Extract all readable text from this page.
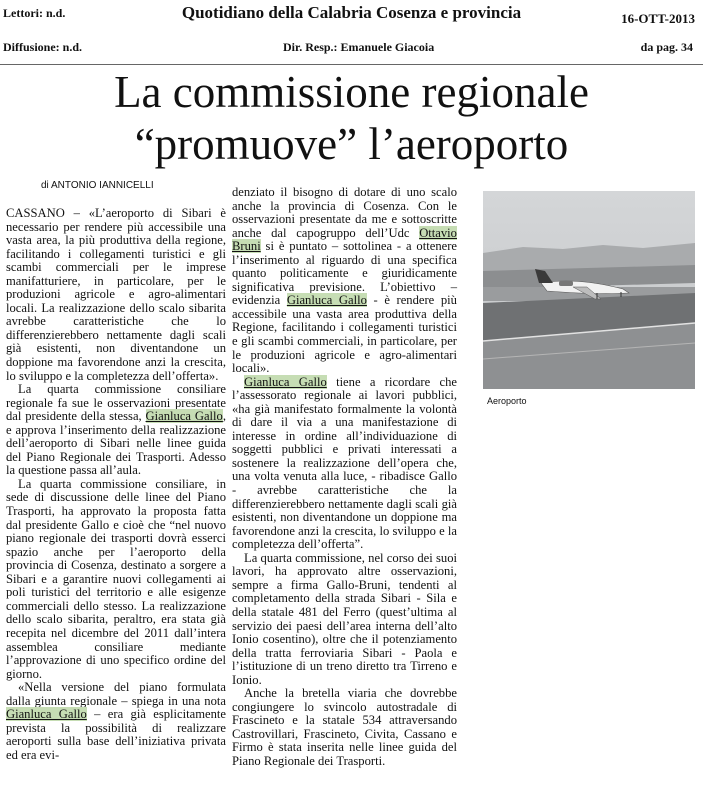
Lettori: n.d.
Diffusione: n.d.
Quotidiano della Calabria Cosenza e provincia	16-OTT-2013
Dir. Resp.: Emanuele Giacoia	da pag. 34
La commissione regionale
“promuove” l’aeroporto
di ANTONIO IANNICELLI

CASSANO – «L’aeroporto di Sibari è necessario per rendere più accessibile una vasta area, la più produttiva della regione, facilitando i collegamenti turistici e gli scambi commerciali per le imprese manifatturiere, in particolare, per le produzioni agricole e agro-alimentari locali. La realizzazione dello scalo sibarita avrebbe caratteristiche che lo differenzierebbero nettamente dagli scali già esistenti, non diventandone un doppione ma favorendone anzi la crescita, lo sviluppo e la completezza dell’offerta».

La quarta commissione consiliare regionale fa sue le osservazioni presentate dal presidente della stessa, Gianluca Gallo, e approva l’inserimento della realizzazione dell’aeroporto di Sibari nelle linee guida del Piano Regionale dei Trasporti. Adesso la questione passa all’aula.

La quarta commissione consiliare, in sede di discussione delle linee del Piano Trasporti, ha approvato la proposta fatta dal presidente Gallo e cioè che “nel nuovo piano regionale dei trasporti dovrà esserci spazio anche per l’aeroporto della provincia di Cosenza, destinato a sorgere a Sibari e a garantire nuovi collegamenti ai poli turistici del territorio e alle esigenze commerciali dello stesso. La realizzazione dello scalo sibarita, peraltro, era stata già recepita nel dicembre del 2011 dall’intera assemblea consiliare mediante l’approvazione di uno specifico ordine del giorno.

«Nella versione del piano formulata dalla giunta regionale – spiega in una nota Gianluca Gallo – era già esplicitamente prevista la possibilità di realizzare aeroporti sulla base dell’iniziativa privata ed era evi-

denziato il bisogno di dotare di uno scalo anche la provincia di Cosenza. Con le osservazioni presentate da me e sottoscritte anche dal capogruppo dell’Udc Ottavio Bruni si è puntato – sottolinea - a ottenere l’inserimento al riguardo di una specifica quanto politicamente e giuridicamente significativa previsione. L’obiettivo – evidenzia Gianluca Gallo - è rendere più accessibile una vasta area produttiva della Regione, facilitando i collegamenti turistici e gli scambi commerciali, in particolare, per le produzioni agricole e agro-alimentari locali».

Gianluca Gallo tiene a ricordare che l’assessorato regionale ai lavori pubblici, «ha già manifestato formalmente la volontà di dare il via a una manifestazione di interesse in ordine all’individuazione di soggetti pubblici e privati interessati a sostenere la realizzazione dell’opera che, una volta venuta alla luce, - ribadisce Gallo - avrebbe caratteristiche che la differenzierebbero nettamente dagli scali già esistenti, non diventandone un doppione ma favorendone anzi la crescita, lo sviluppo e la completezza dell’offerta”.

La quarta commissione, nel corso dei suoi lavori, ha approvato altre osservazioni, sempre a firma Gallo-Bruni, tendenti al completamento della strada Sibari - Sila e della statale 481 del Ferro (quest’ultima al servizio dei paesi dell’area interna dell’alto Ionio cosentino), oltre che il potenziamento della tratta ferroviaria Sibari - Paola e l’istituzione di un treno diretto tra Tirreno e Ionio.

Anche la bretella viaria che dovrebbe congiungere lo svincolo autostradale di Frascineto e la statale 534 attraversando Castrovillari, Frascineto, Civita, Cassano e Firmo è stata inserita nelle linee guida del Piano Regionale dei Trasporti.

Aeroporto
